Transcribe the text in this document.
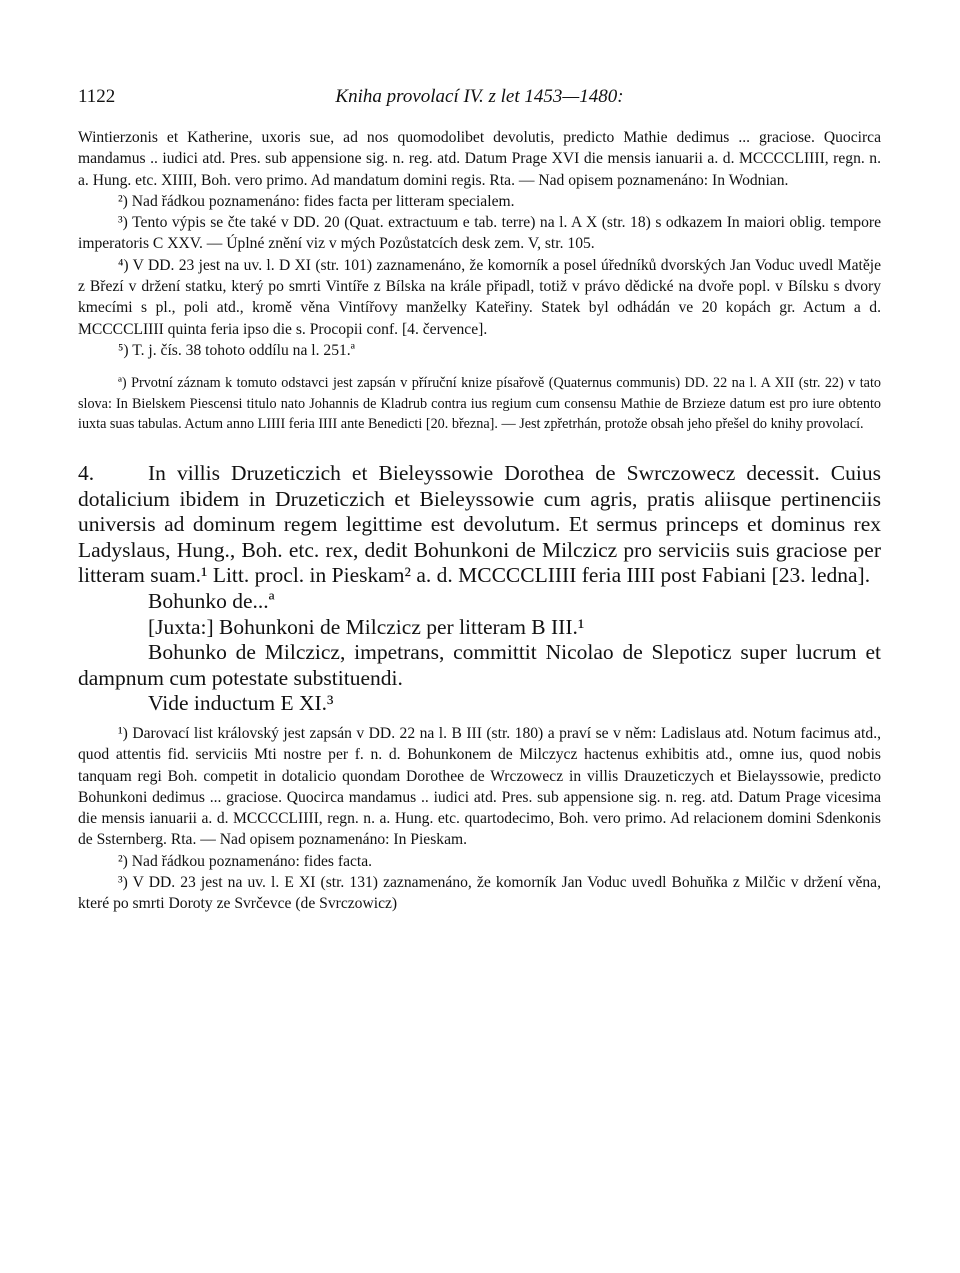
1122	Kniha provolací IV. z let 1453—1480:

Wintierzonis et Katherine, uxoris sue, ad nos quomodolibet devolutis, predicto Mathie dedimus ... graciose. Quocirca mandamus .. iudici atd. Pres. sub appensione sig. n. reg. atd. Datum Prage XVI die mensis ianuarii a. d. MCCCCLIIII, regn. n. a. Hung. etc. XIIII, Boh. vero primo. Ad mandatum domini regis. Rta. — Nad opisem poznamenáno: In Wodnian.

²) Nad řádkou poznamenáno: fides facta per litteram specialem.

³) Tento výpis se čte také v DD. 20 (Quat. extractuum e tab. terre) na l. A X (str. 18) s odkazem In maiori oblig. tempore imperatoris C XXV. — Úplné znění viz v mých Pozůstatcích desk zem. V, str. 105.

⁴) V DD. 23 jest na uv. l. D XI (str. 101) zaznamenáno, že komorník a posel úředníků dvorských Jan Voduc uvedl Matěje z Březí v držení statku, který po smrti Vintíře z Bílska na krále připadl, totiž v právo dědické na dvoře popl. v Bílsku s dvory kmecími s pl., poli atd., kromě věna Vintířovy manželky Kateřiny. Statek byl odhádán ve 20 kopách gr. Actum a d. MCCCCLIIII quinta feria ipso die s. Procopii conf. [4. července].

⁵) T. j. čís. 38 tohoto oddílu na l. 251.ª

ª) Prvotní záznam k tomuto odstavci jest zapsán v příruční knize písařově (Quaternus communis) DD. 22 na l. A XII (str. 22) v tato slova: In Bielskem Piescensi titulo nato Johannis de Kladrub contra ius regium cum consensu Mathie de Brzieze datum est pro iure obtento iuxta suas tabulas. Actum anno LIIII feria IIII ante Benedicti [20. března]. — Jest zpřetrhán, protože obsah jeho přešel do knihy provolací.

4.	In villis Druzeticzich et Bieleyssowie Dorothea de Swrczowecz decessit. Cuius dotalicium ibidem in Druzeticzich et Bieleyssowie cum agris, pratis aliisque pertinenciis universis ad dominum regem legittime est devolutum. Et sermus princeps et dominus rex Ladyslaus, Hung., Boh. etc. rex, dedit Bohunkoni de Milczicz pro serviciis suis graciose per litteram suam.¹ Litt. procl. in Pieskam² a. d. MCCCCLIIII feria IIII post Fabiani [23. ledna].

Bohunko de...ª

[Juxta:] Bohunkoni de Milczicz per litteram B III.¹

Bohunko de Milczicz, impetrans, committit Nicolao de Slepoticz super lucrum et dampnum cum potestate substituendi.

Vide inductum E XI.³

¹) Darovací list královský jest zapsán v DD. 22 na l. B III (str. 180) a praví se v něm: Ladislaus atd. Notum facimus atd., quod attentis fid. serviciis Mti nostre per f. n. d. Bohunkonem de Milczycz hactenus exhibitis atd., omne ius, quod nobis tanquam regi Boh. competit in dotalicio quondam Dorothee de Wrczowecz in villis Drauzeticzych et Bielayssowie, predicto Bohunkoni dedimus ... graciose. Quocirca mandamus .. iudici atd. Pres. sub appensione sig. n. reg. atd. Datum Prage vicesima die mensis ianuarii a. d. MCCCCLIIII, regn. n. a. Hung. etc. quartodecimo, Boh. vero primo. Ad relacionem domini Sdenkonis de Ssternberg. Rta. — Nad opisem poznamenáno: In Pieskam.

²) Nad řádkou poznamenáno: fides facta.

³) V DD. 23 jest na uv. l. E XI (str. 131) zaznamenáno, že komorník Jan Voduc uvedl Bohuňka z Milčic v držení věna, které po smrti Doroty ze Svrčevce (de Svrczowicz)
